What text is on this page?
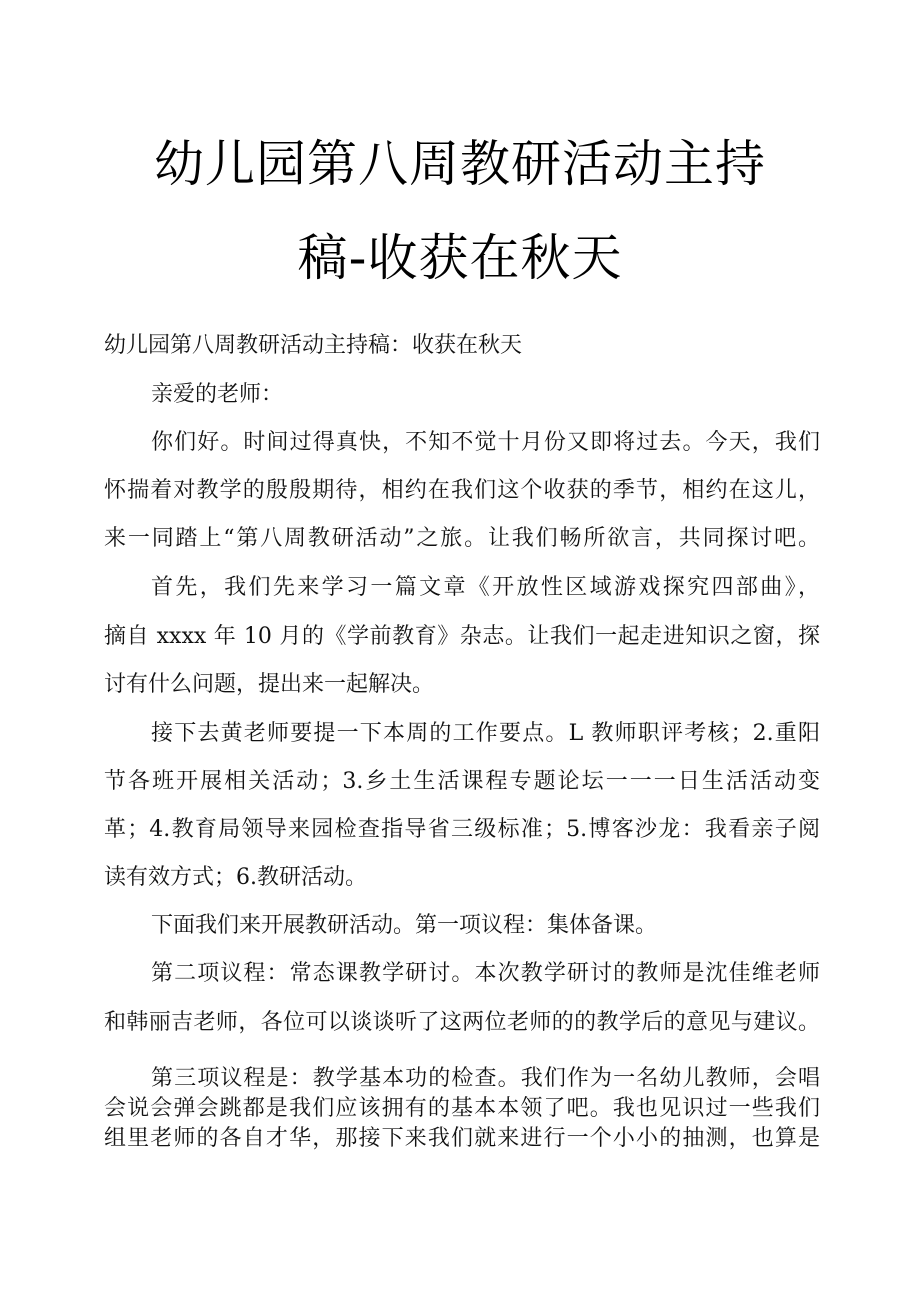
幼儿园第八周教研活动主持
稿-收获在秋天
幼儿园第八周教研活动主持稿：收获在秋天
亲爱的老师：
你们好。时间过得真快，不知不觉十月份又即将过去。今天，我们
怀揣着对教学的殷殷期待，相约在我们这个收获的季节，相约在这儿，
来一同踏上“第八周教研活动”之旅。让我们畅所欲言，共同探讨吧。
首先，我们先来学习一篇文章《开放性区域游戏探究四部曲》，
摘自 xxxx 年 10 月的《学前教育》杂志。让我们一起走进知识之窗，探
讨有什么问题，提出来一起解决。
接下去黄老师要提一下本周的工作要点。L 教师职评考核；2.重阳
节各班开展相关活动；3.乡土生活课程专题论坛一一一日生活活动变
革；4.教育局领导来园检查指导省三级标准；5.博客沙龙：我看亲子阅
读有效方式；6.教研活动。
下面我们来开展教研活动。第一项议程：集体备课。
第二项议程：常态课教学研讨。本次教学研讨的教师是沈佳维老师
和韩丽吉老师，各位可以谈谈听了这两位老师的的教学后的意见与建议。
第三项议程是：教学基本功的检查。我们作为一名幼儿教师，会唱
会说会弹会跳都是我们应该拥有的基本本领了吧。我也见识过一些我们
组里老师的各自才华，那接下来我们就来进行一个小小的抽测，也算是
